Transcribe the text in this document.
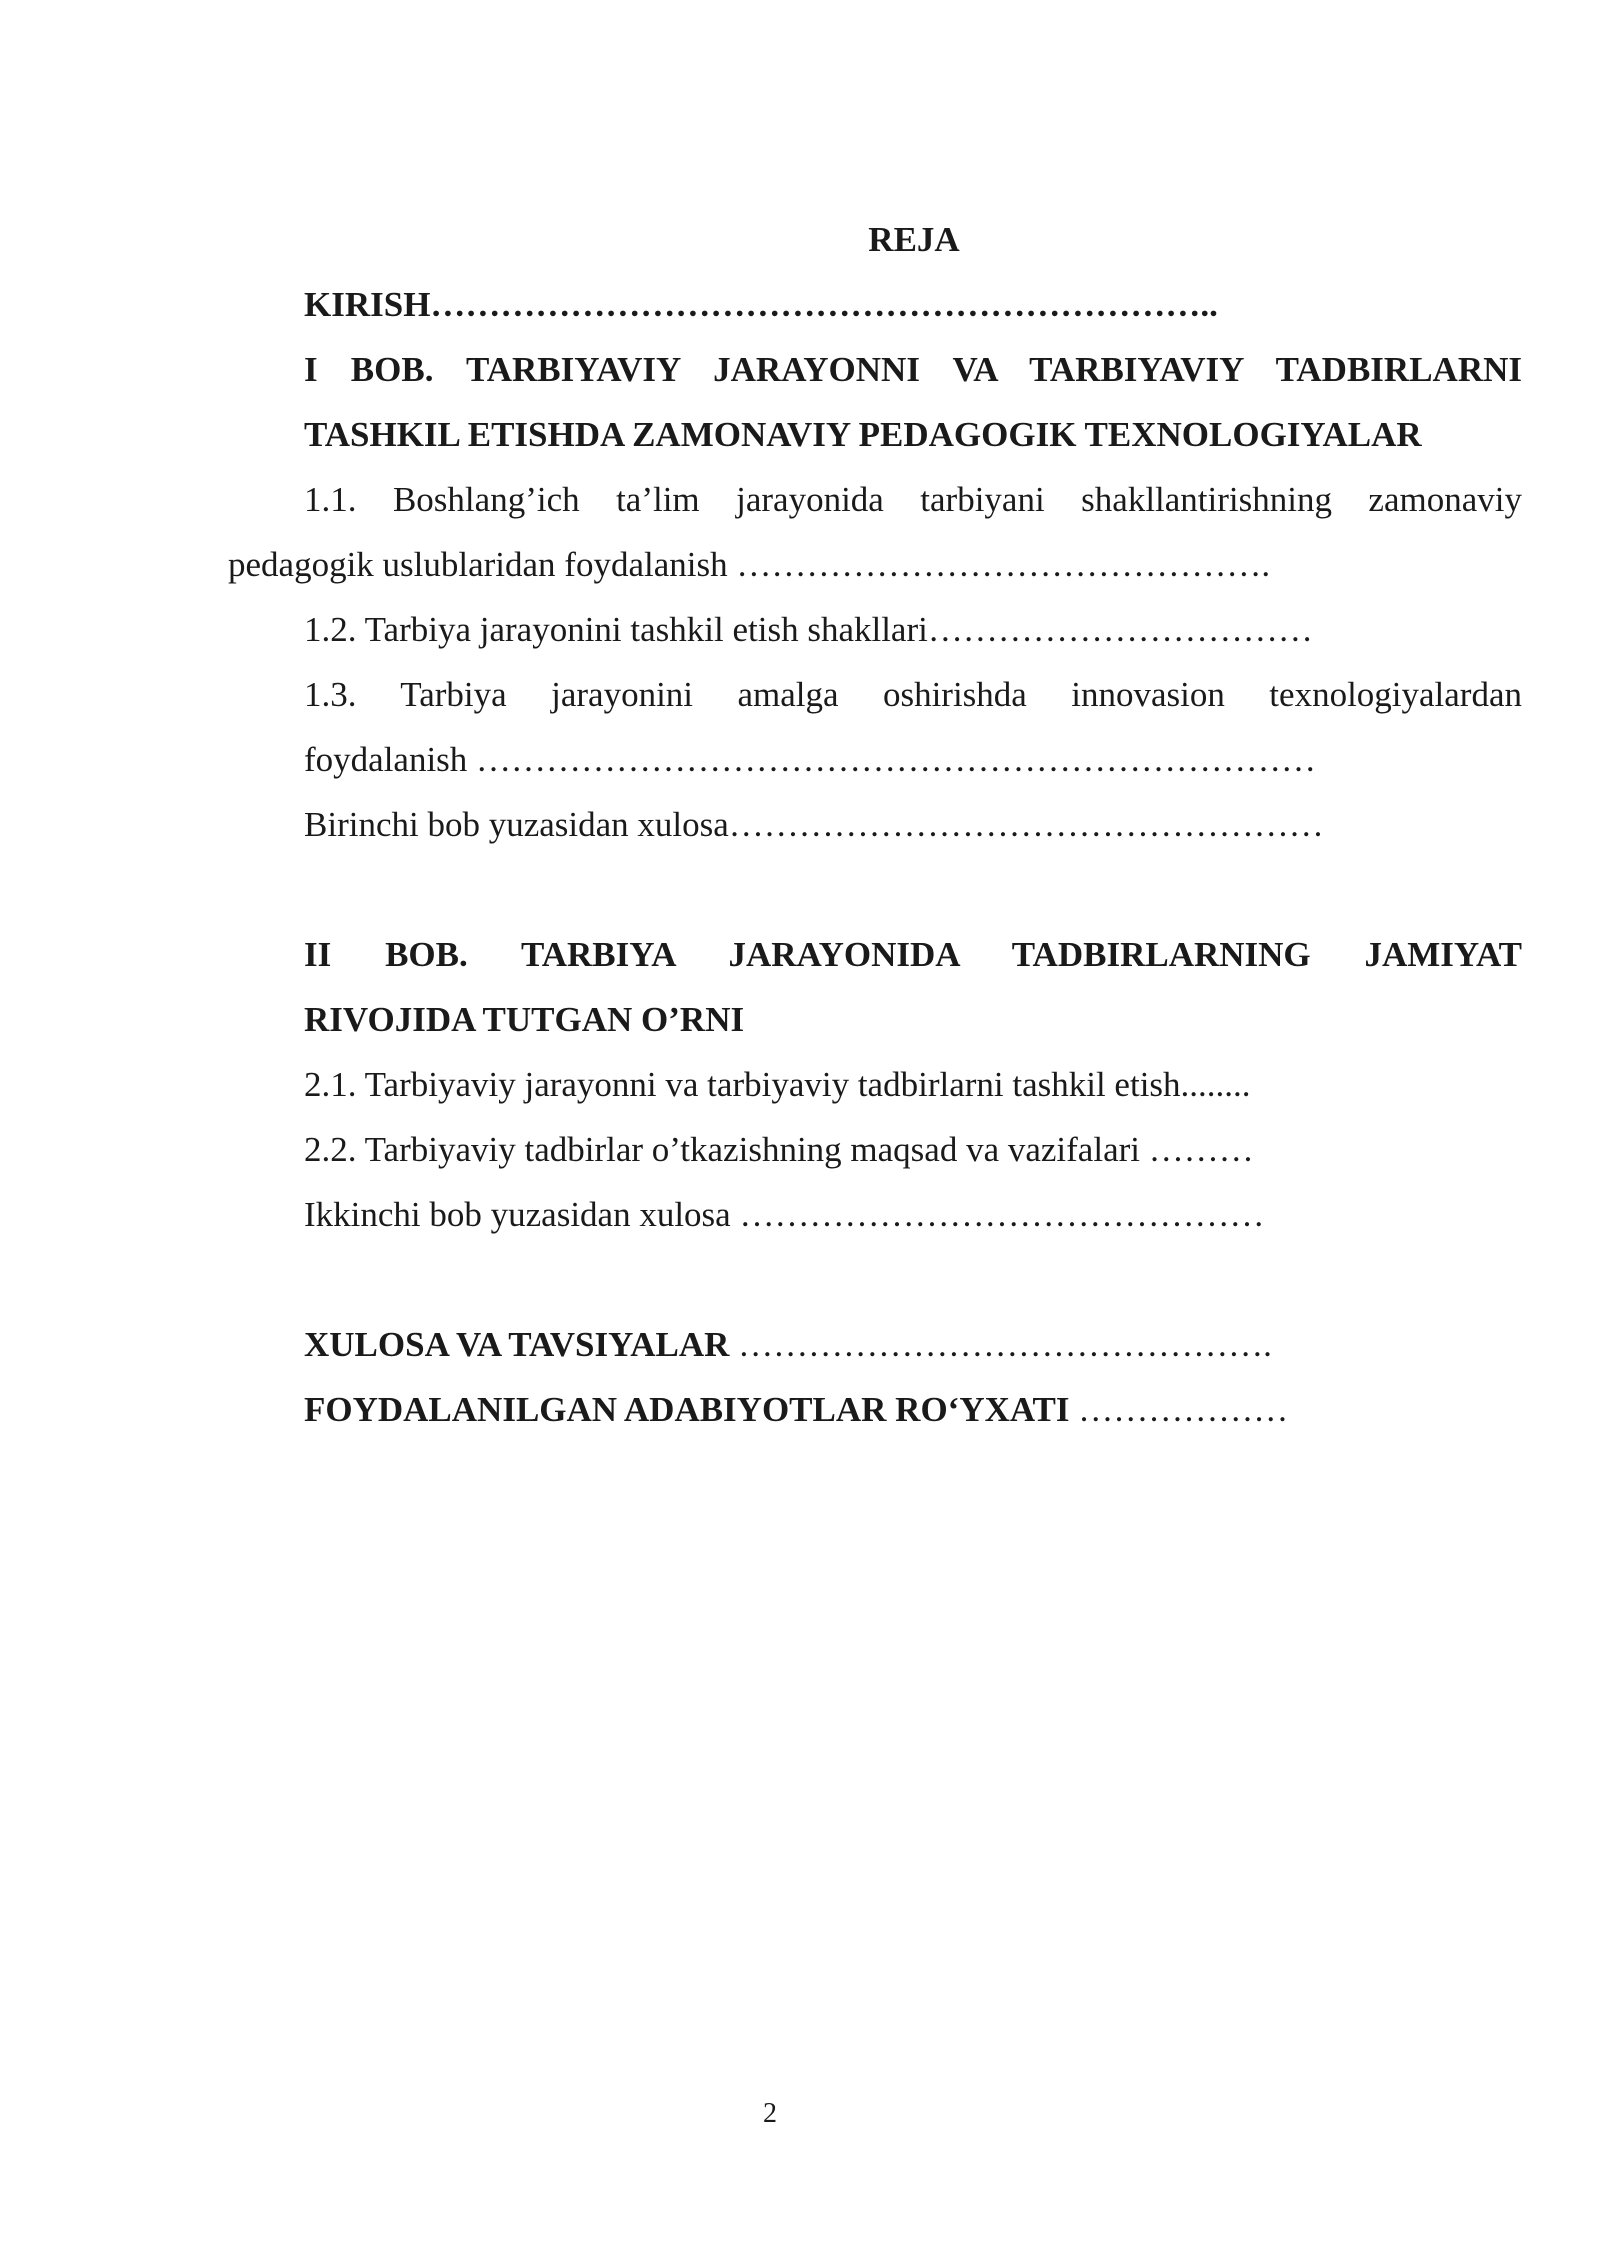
REJA
KIRISH…………………………………………………………..
I BOB. TARBIYAVIY JARAYONNI VA TARBIYAVIY TADBIRLARNI
TASHKIL ETISHDA ZAMONAVIY PEDAGOGIK TEXNOLOGIYALAR
1.1. Boshlang’ich ta’lim jarayonida tarbiyani shakllantirishning zamonaviy
pedagogik uslublaridan foydalanish ……………………………………….
1.2. Tarbiya jarayonini tashkil etish shakllari……………………………
1.3. Tarbiya jarayonini amalga oshirishda innovasion texnologiyalardan
foydalanish ………………………………………………………………
Birinchi bob yuzasidan xulosa……………………………………………
II BOB. TARBIYA JARAYONIDA TADBIRLARNING JAMIYAT
RIVOJIDA TUTGAN O’RNI
2.1. Tarbiyaviy jarayonni va tarbiyaviy tadbirlarni tashkil etish........
2.2. Tarbiyaviy tadbirlar o’tkazishning maqsad va vazifalari ………
Ikkinchi bob yuzasidan xulosa ………………………………………
XULOSA VA TAVSIYALAR ……………………………………….
FOYDALANILGAN ADABIYOTLAR RO‘YXATI ………………
2
